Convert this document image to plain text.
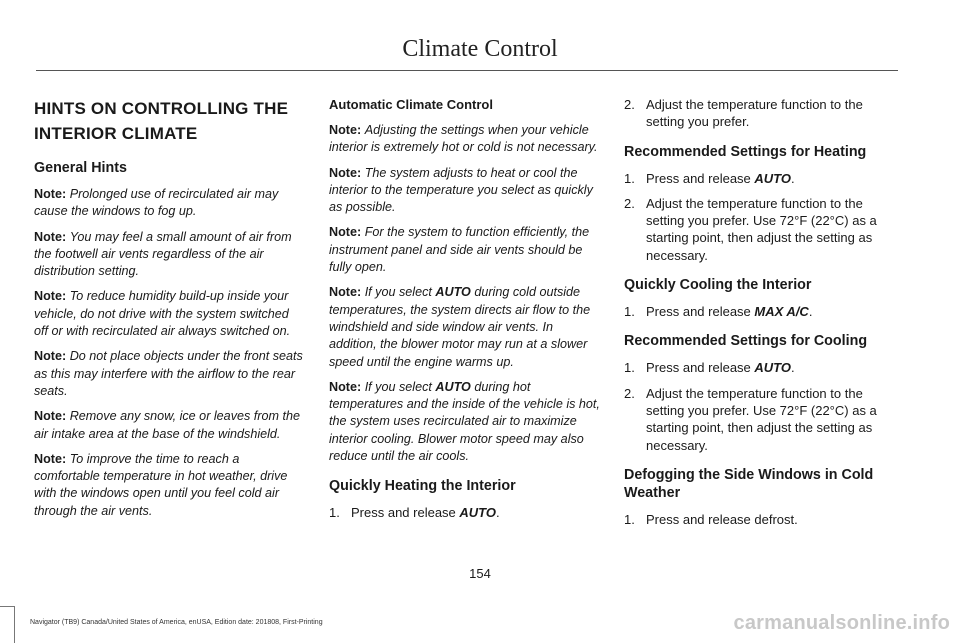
Climate Control
HINTS ON CONTROLLING THE
INTERIOR CLIMATE
General Hints

Note: Prolonged use of recirculated air may cause the windows to fog up.

Note: You may feel a small amount of air from the footwell air vents regardless of the air distribution setting.

Note: To reduce humidity build-up inside your vehicle, do not drive with the system switched off or with recirculated air always switched on.

Note: Do not place objects under the front seats as this may interfere with the airflow to the rear seats.

Note: Remove any snow, ice or leaves from the air intake area at the base of the windshield.

Note: To improve the time to reach a comfortable temperature in hot weather, drive with the windows open until you feel cold air through the air vents.

Automatic Climate Control

Note: Adjusting the settings when your vehicle interior is extremely hot or cold is not necessary.

Note: The system adjusts to heat or cool the interior to the temperature you select as quickly as possible.

Note: For the system to function efficiently, the instrument panel and side air vents should be fully open.

Note: If you select AUTO during cold outside temperatures, the system directs air flow to the windshield and side window air vents. In addition, the blower motor may run at a slower speed until the engine warms up.

Note: If you select AUTO during hot temperatures and the inside of the vehicle is hot, the system uses recirculated air to maximize interior cooling. Blower motor speed may also reduce until the air cools.

Quickly Heating the Interior
1. Press and release AUTO.
2. Adjust the temperature function to the setting you prefer.
Recommended Settings for Heating
1. Press and release AUTO.
2. Adjust the temperature function to the setting you prefer. Use 72°F (22°C) as a starting point, then adjust the setting as necessary.
Quickly Cooling the Interior
1. Press and release MAX A/C.
Recommended Settings for Cooling
1. Press and release AUTO.
2. Adjust the temperature function to the setting you prefer. Use 72°F (22°C) as a starting point, then adjust the setting as necessary.
Defogging the Side Windows in Cold Weather
1. Press and release defrost.
154
Navigator (TB9) Canada/United States of America, enUSA, Edition date: 201808, First-Printing	carmanualsonline.info
